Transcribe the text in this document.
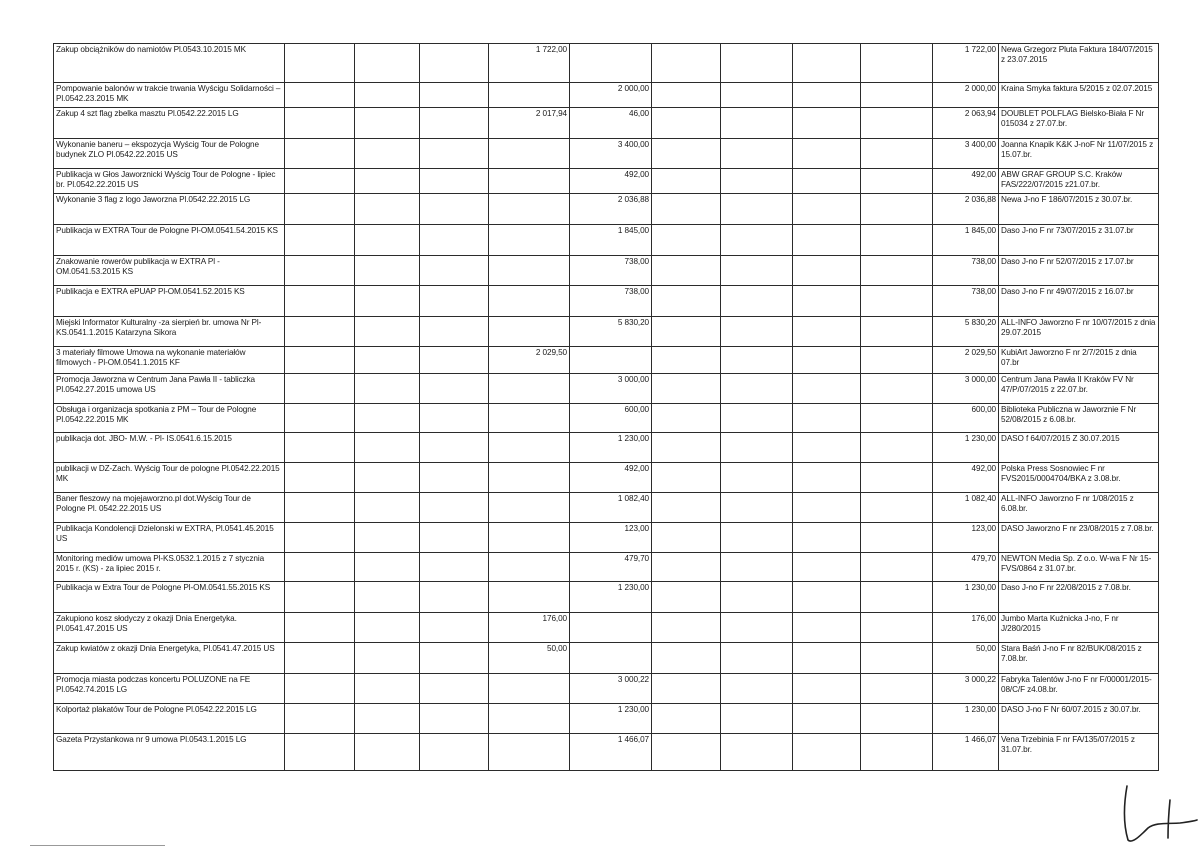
Zakup obciążników do namiotów Pl.0543.10.2015 MK				1 722,00						1 722,00	Newa Grzegorz Pluta Faktura 184/07/2015 z 23.07.2015
Pompowanie balonów w trakcie trwania Wyścigu Solidarności – Pl.0542.23.2015 MK					2 000,00					2 000,00	Kraina Smyka faktura 5/2015 z 02.07.2015
Zakup 4 szt flag zbelka masztu Pl.0542.22.2015 LG				2 017,94	46,00					2 063,94	DOUBLET POLFLAG Bielsko-Biała F Nr 015034 z 27.07.br.
Wykonanie baneru – ekspozycja Wyścig Tour de Pologne budynek ZLO Pl.0542.22.2015 US					3 400,00					3 400,00	Joanna Knapik K&K J-noF Nr 11/07/2015 z 15.07.br.
Publikacja w Głos Jaworznicki Wyścig Tour de Pologne - lipiec br. Pl.0542.22.2015 US					492,00					492,00	ABW GRAF GROUP S.C. Kraków FAS/222/07/2015 z21.07.br.
Wykonanie 3 flag z logo Jaworzna Pl.0542.22.2015 LG					2 036,88					2 036,88	Newa J-no F 186/07/2015 z 30.07.br.
Publikacja w EXTRA Tour de Pologne Pl-OM.0541.54.2015 KS					1 845,00					1 845,00	Daso J-no F nr 73/07/2015 z 31.07.br
Znakowanie rowerów publikacja w EXTRA Pl -OM.0541.53.2015 KS					738,00					738,00	Daso J-no F nr 52/07/2015 z 17.07.br
Publikacja e EXTRA ePUAP Pl-OM.0541.52.2015 KS					738,00					738,00	Daso J-no F nr 49/07/2015 z 16.07.br
Miejski Informator Kulturalny -za sierpień br. umowa Nr Pl-KS.0541.1.2015 Katarzyna Sikora					5 830,20					5 830,20	ALL-INFO Jaworzno F nr 10/07/2015 z dnia 29.07.2015
3 materiały filmowe Umowa na wykonanie materiałów filmowych - Pl-OM.0541.1.2015 KF				2 029,50						2 029,50	KubiArt Jaworzno F nr 2/7/2015 z dnia 07.br
Promocja Jaworzna w Centrum Jana Pawła II - tabliczka Pl.0542.27.2015 umowa US					3 000,00					3 000,00	Centrum Jana Pawła II Kraków FV Nr 47/P/07/2015 z 22.07.br.
Obsługa i organizacja spotkania z PM – Tour de Pologne Pl.0542.22.2015 MK					600,00					600,00	Biblioteka Publiczna w Jaworznie F Nr 52/08/2015 z 6.08.br.
publikacja dot. JBO- M.W. - Pl- IS.0541.6.15.2015					1 230,00					1 230,00	DASO f 64/07/2015 Z 30.07.2015
publikacji w DZ-Zach. Wyścig Tour de pologne Pl.0542.22.2015 MK					492,00					492,00	Polska Press Sosnowiec F nr FVS2015/0004704/BKA z 3.08.br.
Baner fleszowy na mojejaworzno.pl dot.Wyścig Tour de Pologne Pl. 0542.22.2015 US					1 082,40					1 082,40	ALL-INFO Jaworzno F nr 1/08/2015 z 6.08.br.
Publikacja Kondolencji Dzielonski w EXTRA, Pl.0541.45.2015 US					123,00					123,00	DASO Jaworzno F nr 23/08/2015 z 7.08.br.
Monitoring mediów umowa Pl-KS.0532.1.2015 z 7 stycznia 2015 r. (KS) - za lipiec 2015 r.					479,70					479,70	NEWTON Media Sp. Z o.o. W-wa F Nr 15-FVS/0864 z 31.07.br.
Publikacja w Extra Tour de Pologne Pl-OM.0541.55.2015 KS					1 230,00					1 230,00	Daso J-no F nr 22/08/2015 z 7.08.br.
Zakupiono kosz słodyczy z okazji Dnia Energetyka. Pl.0541.47.2015 US				176,00						176,00	Jumbo Marta Kuźnicka J-no, F nr J/280/2015
Zakup kwiatów z okazji Dnia Energetyka, Pl.0541.47.2015 US				50,00						50,00	Stara Baśń J-no F nr 82/BUK/08/2015 z 7.08.br.
Promocja miasta podczas koncertu POLUZONE na FE Pl.0542.74.2015 LG					3 000,22					3 000,22	Fabryka Talentów J-no F nr F/00001/2015-08/C/F z4.08.br.
Kolportaż plakatów Tour de Pologne Pl.0542.22.2015 LG					1 230,00					1 230,00	DASO J-no F Nr 60/07.2015 z 30.07.br.
Gazeta Przystankowa nr 9 umowa Pl.0543.1.2015 LG					1 466,07					1 466,07	Vena Trzebinia F nr FA/135/07/2015 z 31.07.br.
